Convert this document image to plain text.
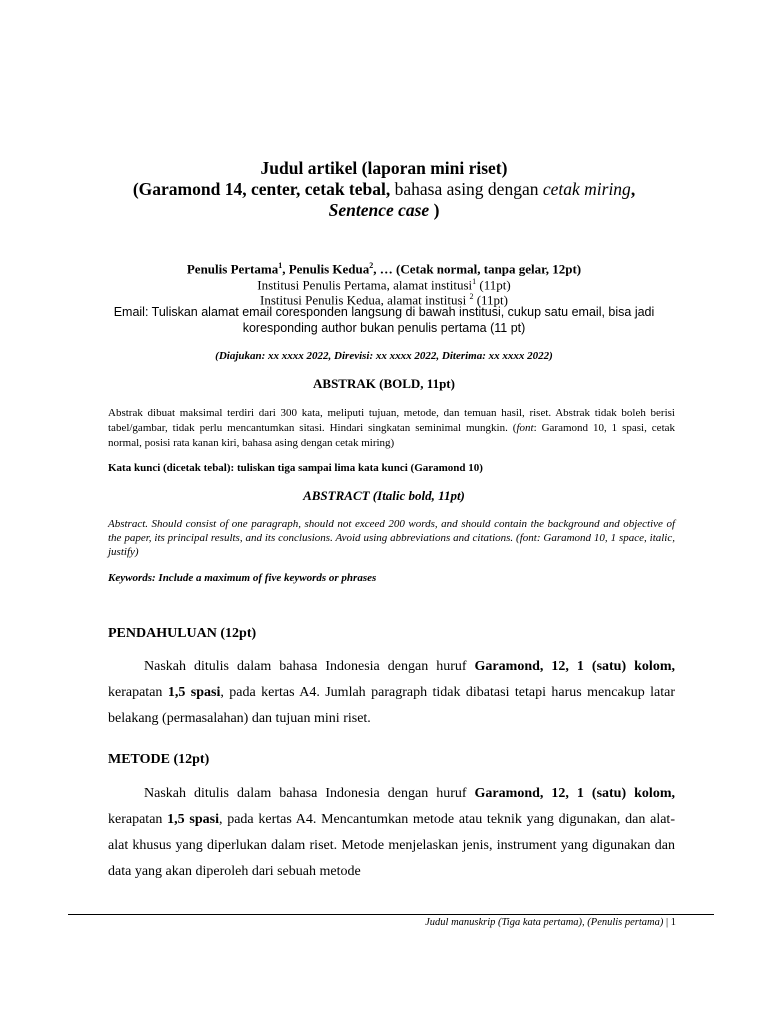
Judul artikel (laporan mini riset)
(Garamond 14, center, cetak tebal, bahasa asing dengan cetak miring,
Sentence case )
Penulis Pertama$^1$, Penulis Kedua$^2$, … (Cetak normal, tanpa gelar, 12pt)
Institusi Penulis Pertama, alamat institusi$^1$ (11pt)
Institusi Penulis Kedua, alamat institusi $^2$ (11pt)
Email: Tuliskan alamat email coresponden langsung di bawah institusi, cukup satu email, bisa jadi koresponding author bukan penulis pertama (11 pt)
(Diajukan: xx xxxx 2022, Direvisi: xx xxxx 2022, Diterima: xx xxxx 2022)
ABSTRAK (BOLD, 11pt)
Abstrak dibuat maksimal terdiri dari 300 kata, meliputi tujuan, metode, dan temuan hasil, riset. Abstrak tidak boleh berisi tabel/gambar, tidak perlu mencantumkan sitasi. Hindari singkatan seminimal mungkin. (font: Garamond 10, 1 spasi, cetak normal, posisi rata kanan kiri, bahasa asing dengan cetak miring)
Kata kunci (dicetak tebal): tuliskan tiga sampai lima kata kunci (Garamond 10)
ABSTRACT (Italic bold, 11pt)
Abstract. Should consist of one paragraph, should not exceed 200 words, and should contain the background and objective of the paper, its principal results, and its conclusions. Avoid using abbreviations and citations. (font: Garamond 10, 1 space, italic, justify)
Keywords: Include a maximum of five keywords or phrases
PENDAHULUAN (12pt)
Naskah ditulis dalam bahasa Indonesia dengan huruf Garamond, 12, 1 (satu) kolom, kerapatan 1,5 spasi, pada kertas A4. Jumlah paragraph tidak dibatasi tetapi harus mencakup latar belakang (permasalahan) dan tujuan mini riset.
METODE (12pt)
Naskah ditulis dalam bahasa Indonesia dengan huruf Garamond, 12, 1 (satu) kolom, kerapatan 1,5 spasi, pada kertas A4. Mencantumkan metode atau teknik yang digunakan, dan alat- alat khusus yang diperlukan dalam riset. Metode menjelaskan jenis, instrument yang digunakan dan data yang akan diperoleh dari sebuah metode
Judul manuskrip (Tiga kata pertama), (Penulis pertama) | 1
